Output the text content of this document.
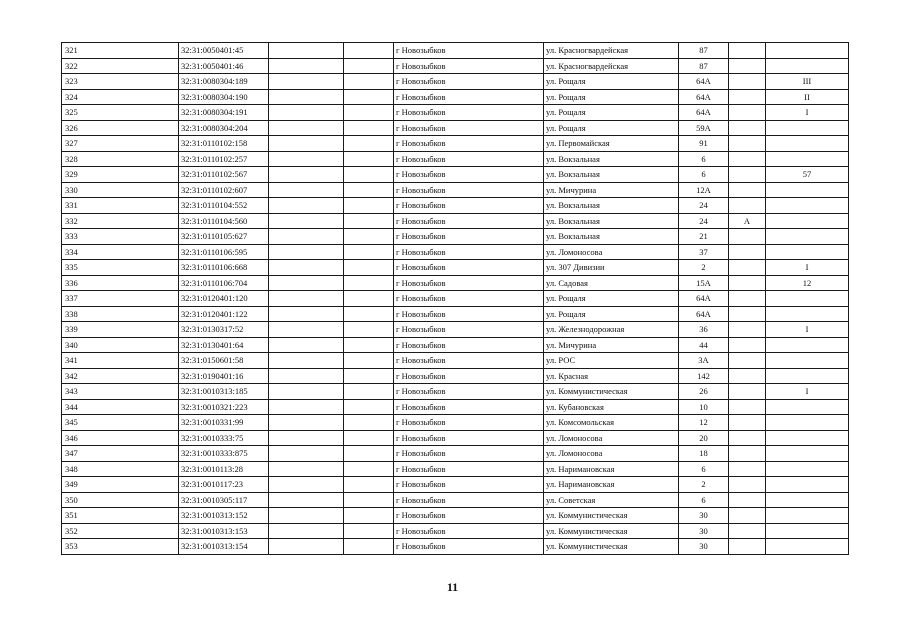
321	32:31:0050401:45			г Новозыбков	ул. Красногвардейская	87		
322	32:31:0050401:46			г Новозыбков	ул. Красногвардейская	87		
323	32:31:0080304:189			г Новозыбков	ул. Рощаля	64А		III
324	32:31:0080304:190			г Новозыбков	ул. Рощаля	64А		II
325	32:31:0080304:191			г Новозыбков	ул. Рощаля	64А		I
326	32:31:0080304:204			г Новозыбков	ул. Рощаля	59А		
327	32:31:0110102:158			г Новозыбков	ул. Первомайская	91		
328	32:31:0110102:257			г Новозыбков	ул. Вокзальная	6		
329	32:31:0110102:567			г Новозыбков	ул. Вокзальная	6		57
330	32:31:0110102:607			г Новозыбков	ул. Мичурина	12А		
331	32:31:0110104:552			г Новозыбков	ул. Вокзальная	24		
332	32:31:0110104:560			г Новозыбков	ул. Вокзальная	24	А	
333	32:31:0110105:627			г Новозыбков	ул. Вокзальная	21		
334	32:31:0110106:595			г Новозыбков	ул. Ломоносова	37		
335	32:31:0110106:668			г Новозыбков	ул. 307 Дивизии	2		I
336	32:31:0110106:704			г Новозыбков	ул. Садовая	15А		12
337	32:31:0120401:120			г Новозыбков	ул. Рощаля	64А		
338	32:31:0120401:122			г Новозыбков	ул. Рощаля	64А		
339	32:31:0130317:52			г Новозыбков	ул. Железнодорожная	36		I
340	32:31:0130401:64			г Новозыбков	ул. Мичурина	44		
341	32:31:0150601:58			г Новозыбков	ул. РОС	3А		
342	32:31:0190401:16			г Новозыбков	ул. Красная	142		
343	32:31:0010313:185			г Новозыбков	ул. Коммунистическая	26		I
344	32:31:0010321:223			г Новозыбков	ул. Кубановская	10		
345	32:31:0010331:99			г Новозыбков	ул. Комсомольская	12		
346	32:31:0010333:75			г Новозыбков	ул. Ломоносова	20		
347	32:31:0010333:875			г Новозыбков	ул. Ломоносова	18		
348	32:31:0010113:28			г Новозыбков	ул. Наримановская	6		
349	32:31:0010117:23			г Новозыбков	ул. Наримановская	2		
350	32:31:0010305:117			г Новозыбков	ул. Советская	6		
351	32:31:0010313:152			г Новозыбков	ул. Коммунистическая	30		
352	32:31:0010313:153			г Новозыбков	ул. Коммунистическая	30		
353	32:31:0010313:154			г Новозыбков	ул. Коммунистическая	30		
11
